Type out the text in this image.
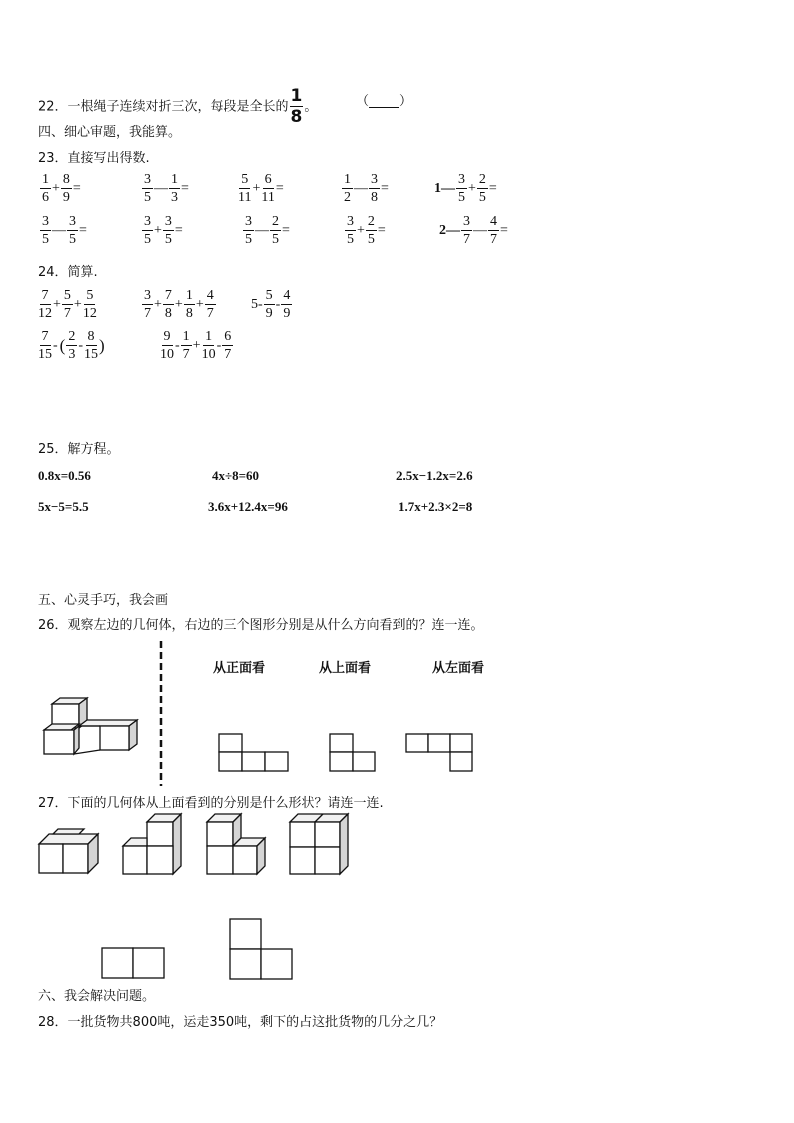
22．一根绳子连续对折三次，每段是全长的 $\frac{1}{8}$ 。	（ ）
四、细心审题，我能算。
23．直接写出得数.
$\frac{1}{6} + \frac{8}{9}$ =	$\frac{3}{5}$ — $\frac{1}{3}$ =	$\frac{5}{11} + \frac{6}{11}$ =	$\frac{1}{2}$ — $\frac{3}{8}$ =	1— $\frac{3}{5} + \frac{2}{5}$ =
$\frac{3}{5}$ — $\frac{3}{5}$ =	$\frac{3}{5} + \frac{3}{5}$ =	$\frac{3}{5}$ — $\frac{2}{5}$ =	$\frac{3}{5} + \frac{2}{5}$ =	2— $\frac{3}{7}$ — $\frac{4}{7}$ =
24．简算.
$\frac{7}{12} + \frac{5}{7} + \frac{5}{12}$	$\frac{3}{7} + \frac{7}{8} + \frac{1}{8} + \frac{4}{7}$	$5- \frac{5}{9} - \frac{4}{9}$
$\frac{7}{15}$ - ( $\frac{2}{3} - \frac{8}{15}$ )	$\frac{9}{10} - \frac{1}{7} + \frac{1}{10} - \frac{6}{7}$
25．解方程。
0.8x=0.56	4x÷8=60	2.5x−1.2x=2.6
5x−5=5.5	3.6x+12.4x=96	1.7x+2.3×2=8
五、心灵手巧，我会画
26．观察左边的几何体，右边的三个图形分别是从什么方向看到的？连一连。
从正面看	从上面看	从左面看
27．下面的几何体从上面看到的分别是什么形状？请连一连.
六、我会解决问题。
28．一批货物共800吨，运走350吨，剩下的占这批货物的几分之几？
